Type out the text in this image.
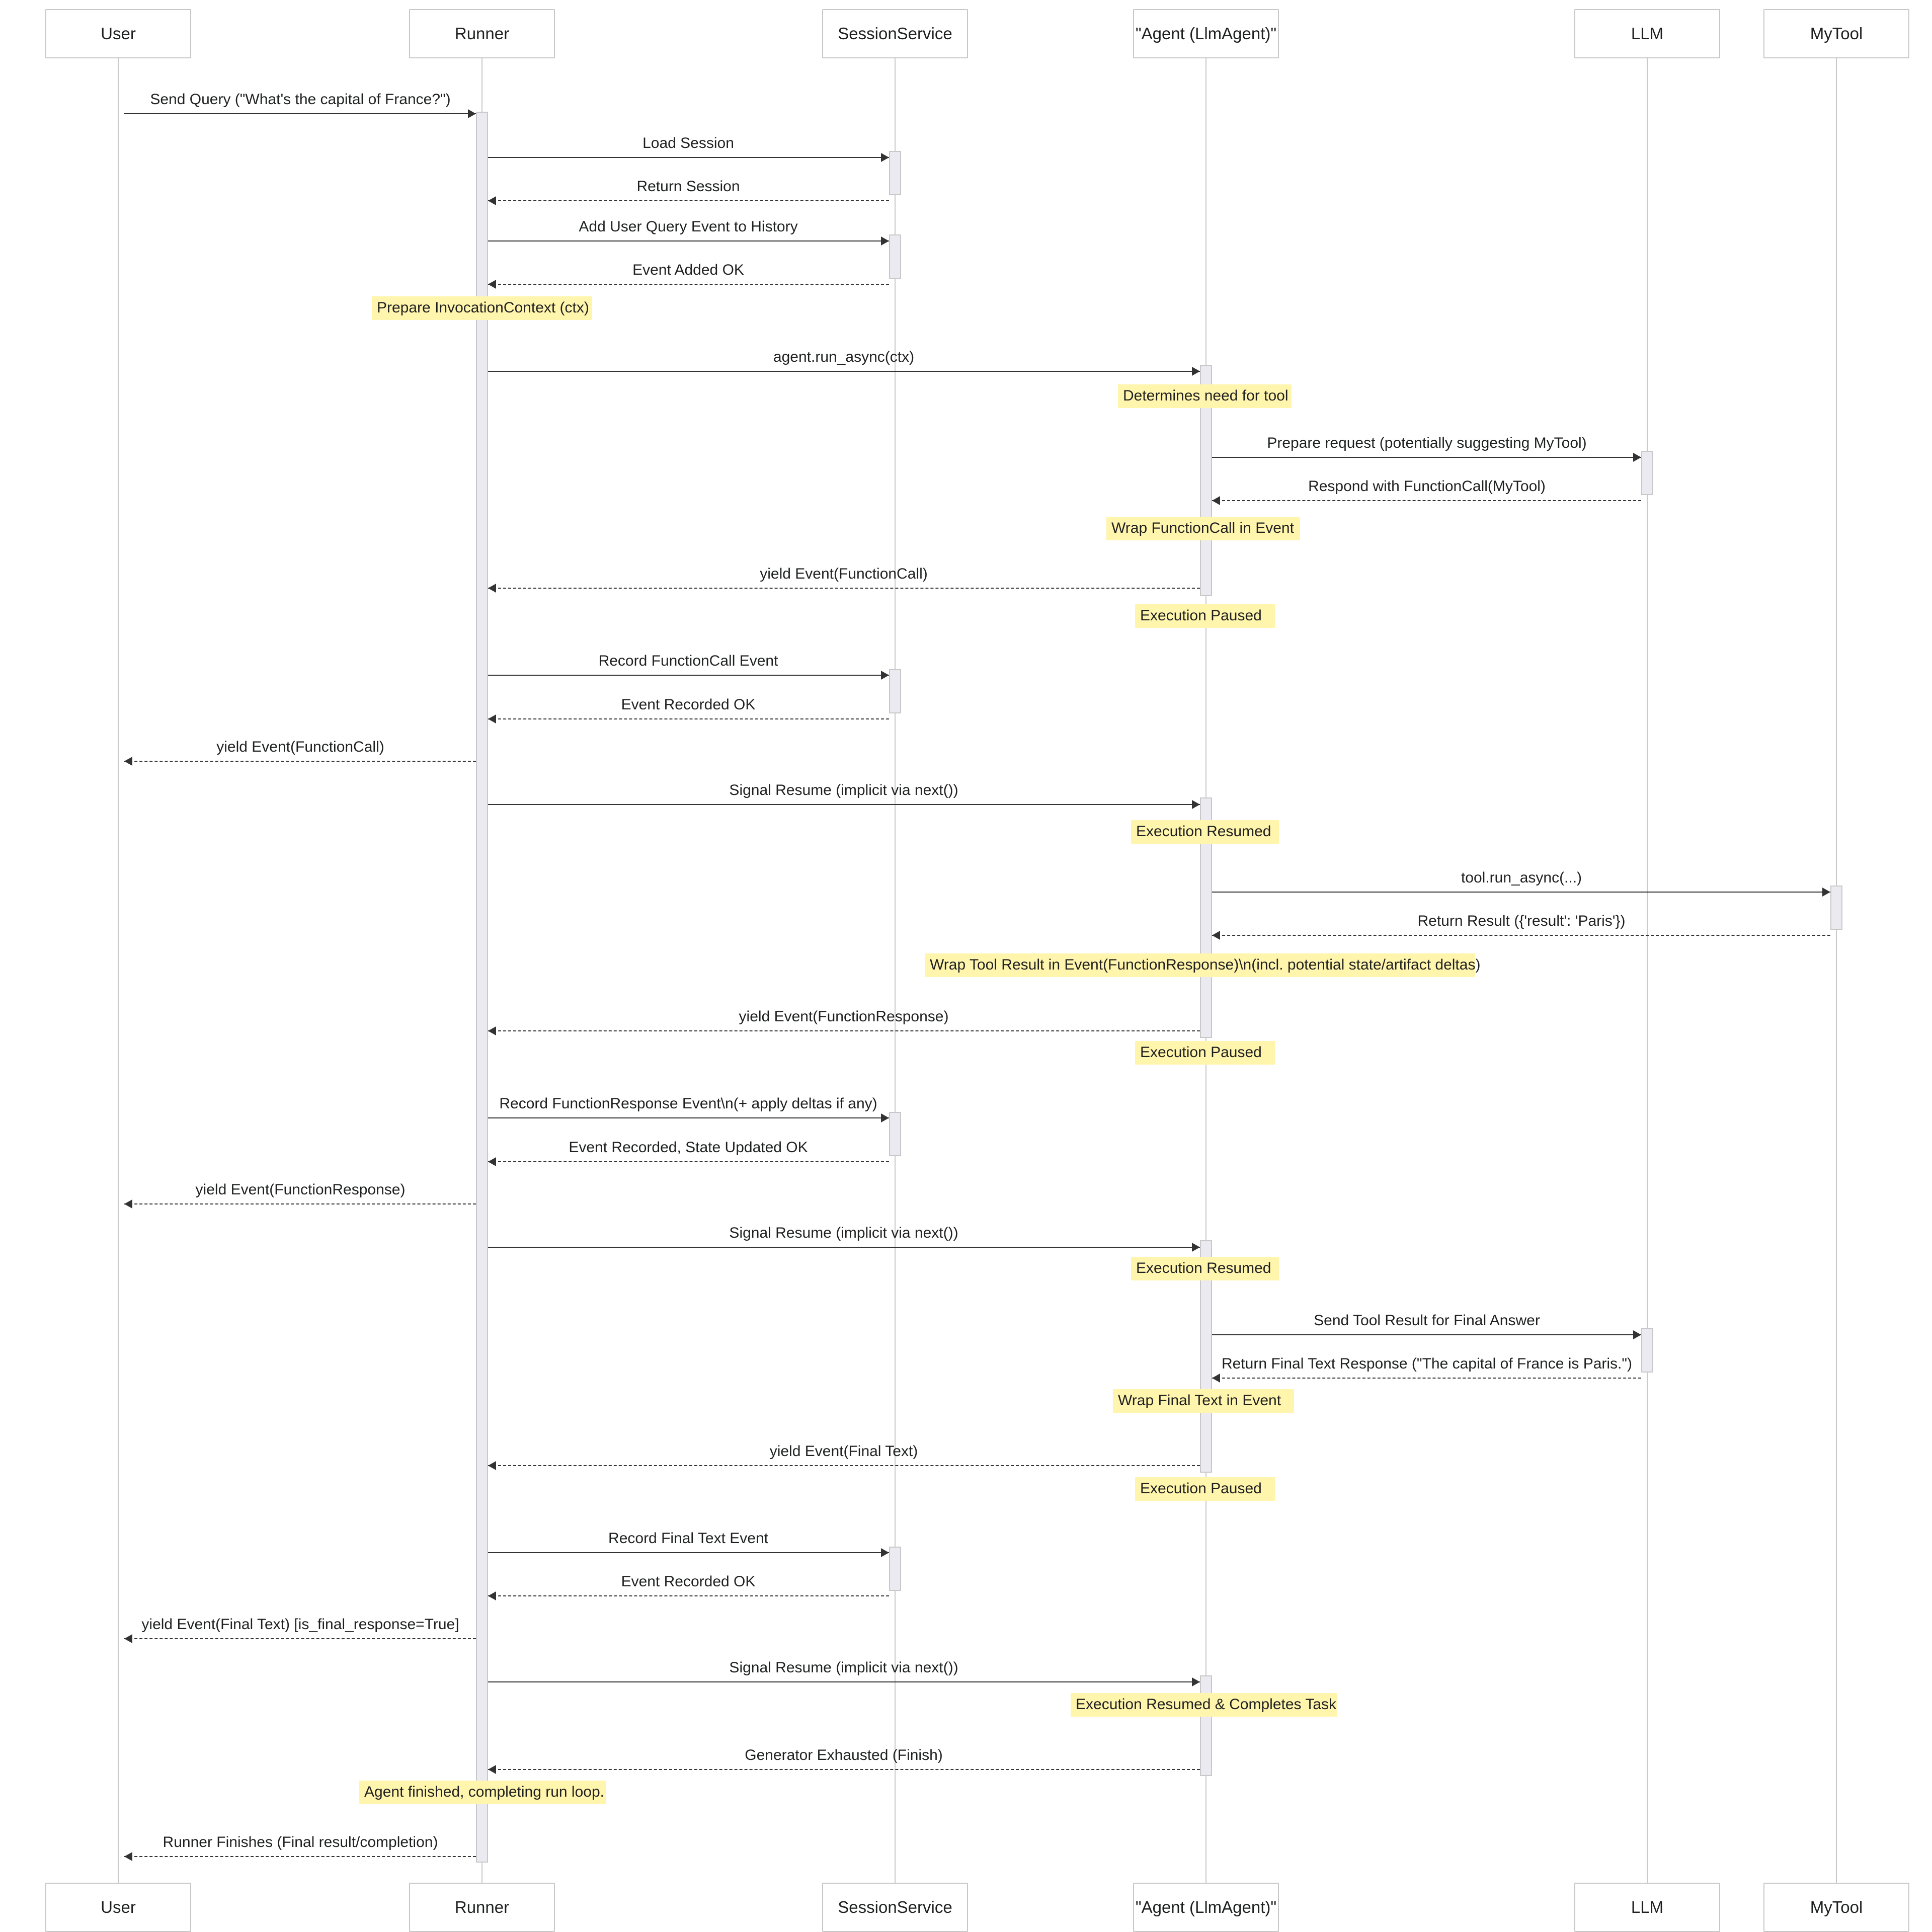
User	Runner	SessionService	"Agent (LlmAgent)"	LLM	MyTool
User	Runner	SessionService	"Agent (LlmAgent)"	LLM	MyTool
Send Query ("What's the capital of France?")
Load Session
Return Session
Add User Query Event to History
Event Added OK
agent.run_async(ctx)
Prepare request (potentially suggesting MyTool)
Respond with FunctionCall(MyTool)
yield Event(FunctionCall)
Record FunctionCall Event
Event Recorded OK
yield Event(FunctionCall)
Signal Resume (implicit via next())
tool.run_async(...)
Return Result ({'result': 'Paris'})
yield Event(FunctionResponse)
Record FunctionResponse Event\n(+ apply deltas if any)
Event Recorded, State Updated OK
yield Event(FunctionResponse)
Signal Resume (implicit via next())
Send Tool Result for Final Answer
Return Final Text Response ("The capital of France is Paris.")
yield Event(Final Text)
Record Final Text Event
Event Recorded OK
yield Event(Final Text) [is_final_response=True]
Signal Resume (implicit via next())
Generator Exhausted (Finish)
Runner Finishes (Final result/completion)
Prepare InvocationContext (ctx)
Determines need for tool
Wrap FunctionCall in Event
Execution Paused
Execution Resumed
Wrap Tool Result in Event(FunctionResponse)\n(incl. potential state/artifact deltas)
Execution Paused
Execution Resumed
Wrap Final Text in Event
Execution Paused
Execution Resumed & Completes Task
Agent finished, completing run loop.
